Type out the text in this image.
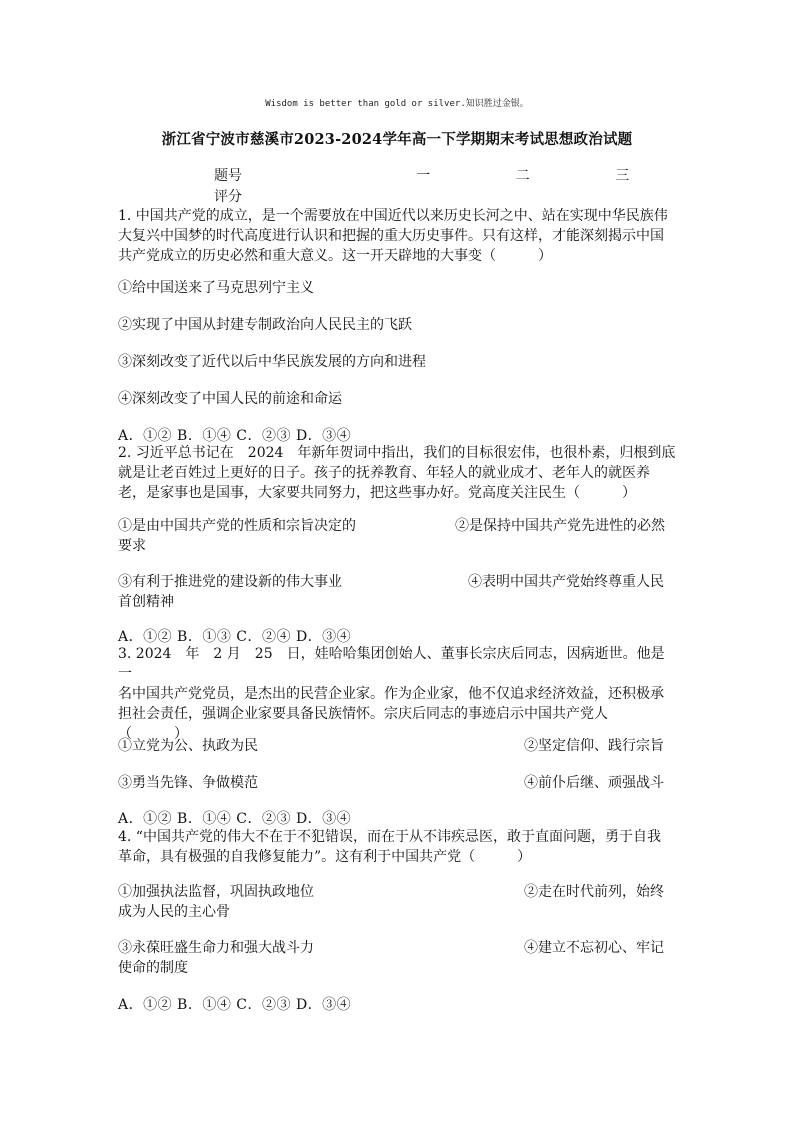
Wisdom is better than gold or silver.知识胜过金银。
浙江省宁波市慈溪市2023-2024学年高一下学期期末考试思想政治试题
题号	一	二	三
评分
1. 中国共产党的成立，是一个需要放在中国近代以来历史长河之中、站在实现中华民族伟
大复兴中国梦的时代高度进行认识和把握的重大历史事件。只有这样，才能深刻揭示中国
共产党成立的历史必然和重大意义。这一开天辟地的大事变（　　　）
①给中国送来了马克思列宁主义
②实现了中国从封建专制政治向人民民主的飞跃
③深刻改变了近代以后中华民族发展的方向和进程
④深刻改变了中国人民的前途和命运
A．①② B．①④ C．②③ D．③④
2. 习近平总书记在　2024　年新年贺词中指出，我们的目标很宏伟，也很朴素，归根到底
就是让老百姓过上更好的日子。孩子的抚养教育、年轻人的就业成才、老年人的就医养
老，是家事也是国事，大家要共同努力，把这些事办好。党高度关注民生（　　　）
①是由中国共产党的性质和宗旨决定的	②是保持中国共产党先进性的必然
要求
③有利于推进党的建设新的伟大事业	④表明中国共产党始终尊重人民
首创精神
A．①② B．①③ C．②④ D．③④
3. 2024　年　2 月　25　日，娃哈哈集团创始人、董事长宗庆后同志，因病逝世。他是一
名中国共产党党员，是杰出的民营企业家。作为企业家，他不仅追求经济效益，还积极承
担社会责任，强调企业家要具备民族情怀。宗庆后同志的事迹启示中国共产党人
（　　　）
①立党为公、执政为民	②坚定信仰、践行宗旨
③勇当先锋、争做模范	④前仆后继、顽强战斗
A．①② B．①④ C．②③ D．③④
4. “中国共产党的伟大不在于不犯错误，而在于从不讳疾忌医，敢于直面问题，勇于自我
革命，具有极强的自我修复能力”。这有利于中国共产党（　　　）
①加强执法监督，巩固执政地位	②走在时代前列，始终
成为人民的主心骨
③永葆旺盛生命力和强大战斗力	④建立不忘初心、牢记
使命的制度
A．①② B．①④ C．②③ D．③④
